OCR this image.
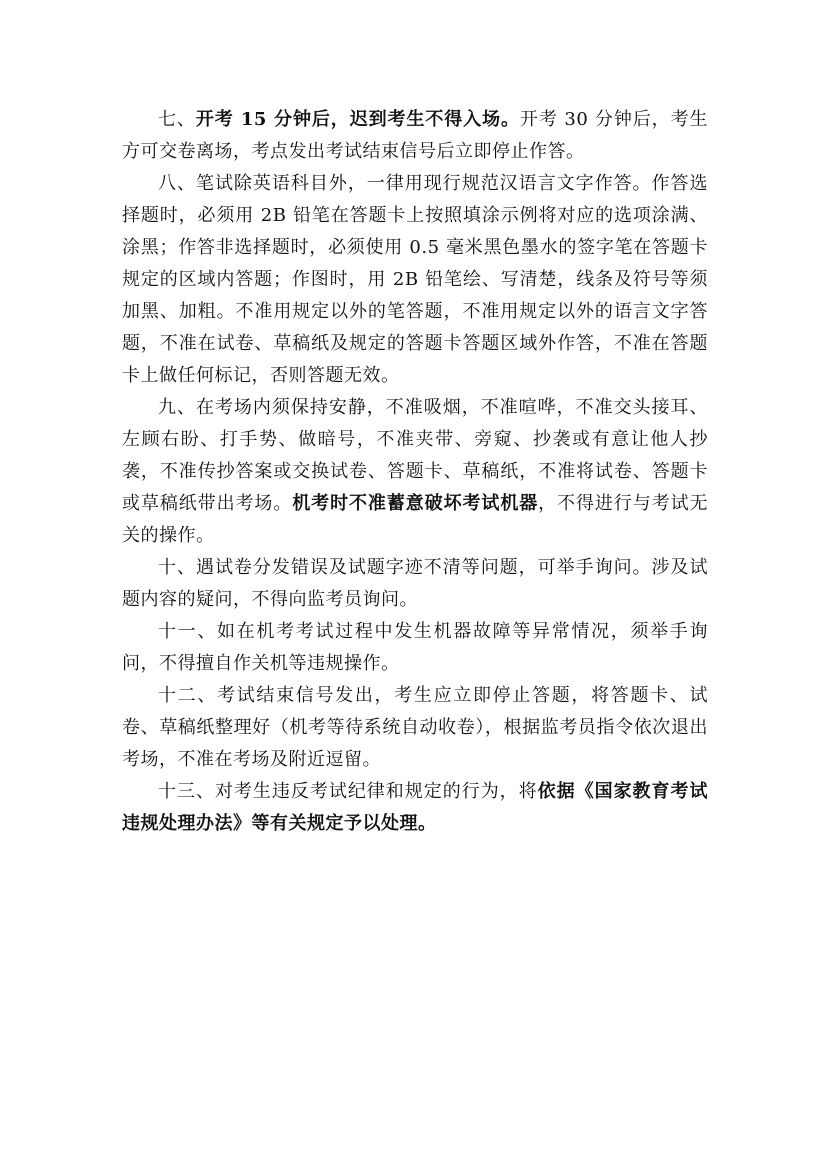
七、开考 15 分钟后，迟到考生不得入场。开考 30 分钟后，考生方可交卷离场，考点发出考试结束信号后立即停止作答。

八、笔试除英语科目外，一律用现行规范汉语言文字作答。作答选择题时，必须用 2B 铅笔在答题卡上按照填涂示例将对应的选项涂满、涂黑；作答非选择题时，必须使用 0.5 毫米黑色墨水的签字笔在答题卡规定的区域内答题；作图时，用 2B 铅笔绘、写清楚，线条及符号等须加黑、加粗。不准用规定以外的笔答题，不准用规定以外的语言文字答题，不准在试卷、草稿纸及规定的答题卡答题区域外作答，不准在答题卡上做任何标记，否则答题无效。

九、在考场内须保持安静，不准吸烟，不准喧哗，不准交头接耳、左顾右盼、打手势、做暗号，不准夹带、旁窥、抄袭或有意让他人抄袭，不准传抄答案或交换试卷、答题卡、草稿纸，不准将试卷、答题卡或草稿纸带出考场。机考时不准蓄意破坏考试机器，不得进行与考试无关的操作。

十、遇试卷分发错误及试题字迹不清等问题，可举手询问。涉及试题内容的疑问，不得向监考员询问。

十一、如在机考考试过程中发生机器故障等异常情况，须举手询问，不得擅自作关机等违规操作。

十二、考试结束信号发出，考生应立即停止答题，将答题卡、试卷、草稿纸整理好（机考等待系统自动收卷），根据监考员指令依次退出考场，不准在考场及附近逗留。

十三、对考生违反考试纪律和规定的行为，将依据《国家教育考试违规处理办法》等有关规定予以处理。
